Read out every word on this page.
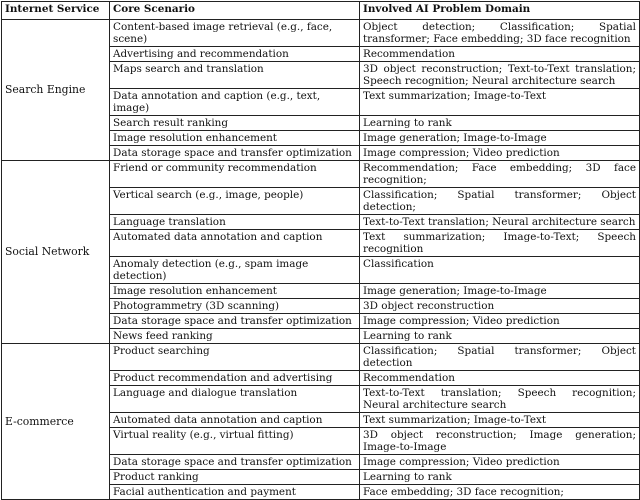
Internet Service	Core Scenario	Involved AI Problem Domain
Search Engine	Content-based image retrieval (e.g., face, scene)	Object detection; Classification; Spatial transformer; Face embedding; 3D face recognition
	Advertising and recommendation	Recommendation
	Maps search and translation	3D object reconstruction; Text-to-Text translation; Speech recognition; Neural architecture search
	Data annotation and caption (e.g., text, image)	Text summarization; Image-to-Text
	Search result ranking	Learning to rank
	Image resolution enhancement	Image generation; Image-to-Image
	Data storage space and transfer optimization	Image compression; Video prediction
Social Network	Friend or community recommendation	Recommendation; Face embedding; 3D face recognition;
	Vertical search (e.g., image, people)	Classification; Spatial transformer; Object detection;
	Language translation	Text-to-Text translation; Neural architecture search
	Automated data annotation and caption	Text summarization; Image-to-Text; Speech recognition
	Anomaly detection (e.g., spam image detection)	Classification
	Image resolution enhancement	Image generation; Image-to-Image
	Photogrammetry (3D scanning)	3D object reconstruction
	Data storage space and transfer optimization	Image compression; Video prediction
	News feed ranking	Learning to rank
E-commerce	Product searching	Classification; Spatial transformer; Object detection
	Product recommendation and advertising	Recommendation
	Language and dialogue translation	Text-to-Text translation; Speech recognition; Neural architecture search
	Automated data annotation and caption	Text summarization; Image-to-Text
	Virtual reality (e.g., virtual fitting)	3D object reconstruction; Image generation; Image-to-Image
	Data storage space and transfer optimization	Image compression; Video prediction
	Product ranking	Learning to rank
	Facial authentication and payment	Face embedding; 3D face recognition;
